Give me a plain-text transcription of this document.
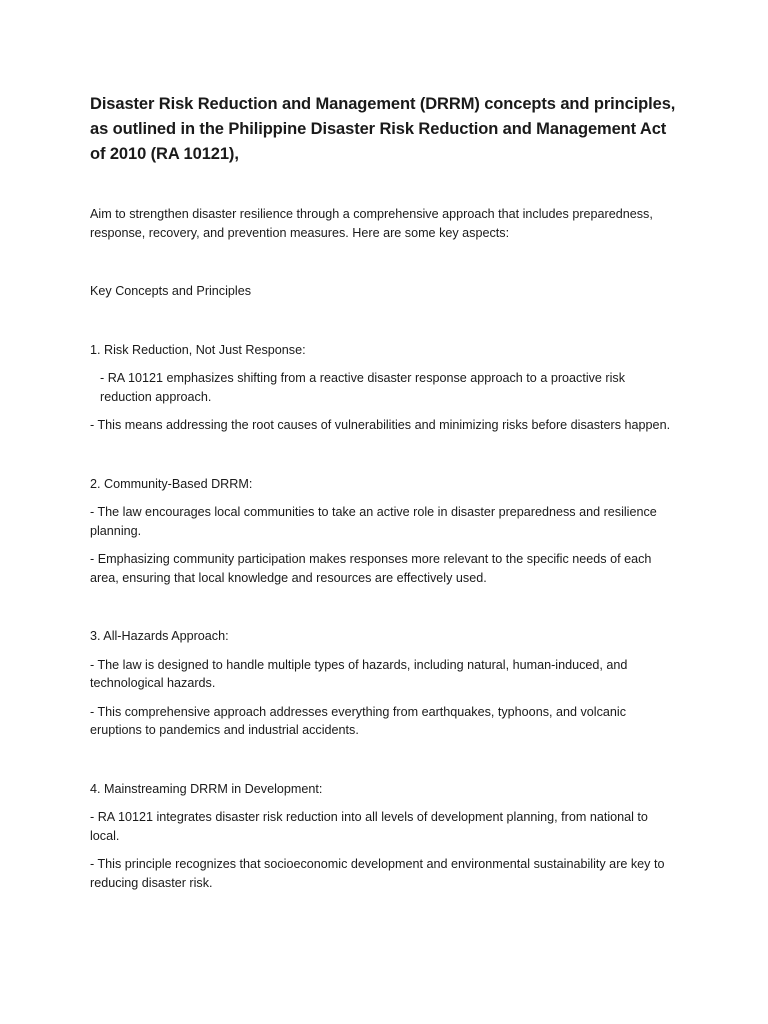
Disaster Risk Reduction and Management (DRRM) concepts and principles, as outlined in the Philippine Disaster Risk Reduction and Management Act of 2010 (RA 10121),

Aim to strengthen disaster resilience through a comprehensive approach that includes preparedness, response, recovery, and prevention measures. Here are some key aspects:

Key Concepts and Principles

1. Risk Reduction, Not Just Response:

- RA 10121 emphasizes shifting from a reactive disaster response approach to a proactive risk reduction approach.

- This means addressing the root causes of vulnerabilities and minimizing risks before disasters happen.

2. Community-Based DRRM:

- The law encourages local communities to take an active role in disaster preparedness and resilience planning.

- Emphasizing community participation makes responses more relevant to the specific needs of each area, ensuring that local knowledge and resources are effectively used.

3. All-Hazards Approach:

- The law is designed to handle multiple types of hazards, including natural, human-induced, and technological hazards.

- This comprehensive approach addresses everything from earthquakes, typhoons, and volcanic eruptions to pandemics and industrial accidents.

4. Mainstreaming DRRM in Development:

- RA 10121 integrates disaster risk reduction into all levels of development planning, from national to local.

- This principle recognizes that socioeconomic development and environmental sustainability are key to reducing disaster risk.
